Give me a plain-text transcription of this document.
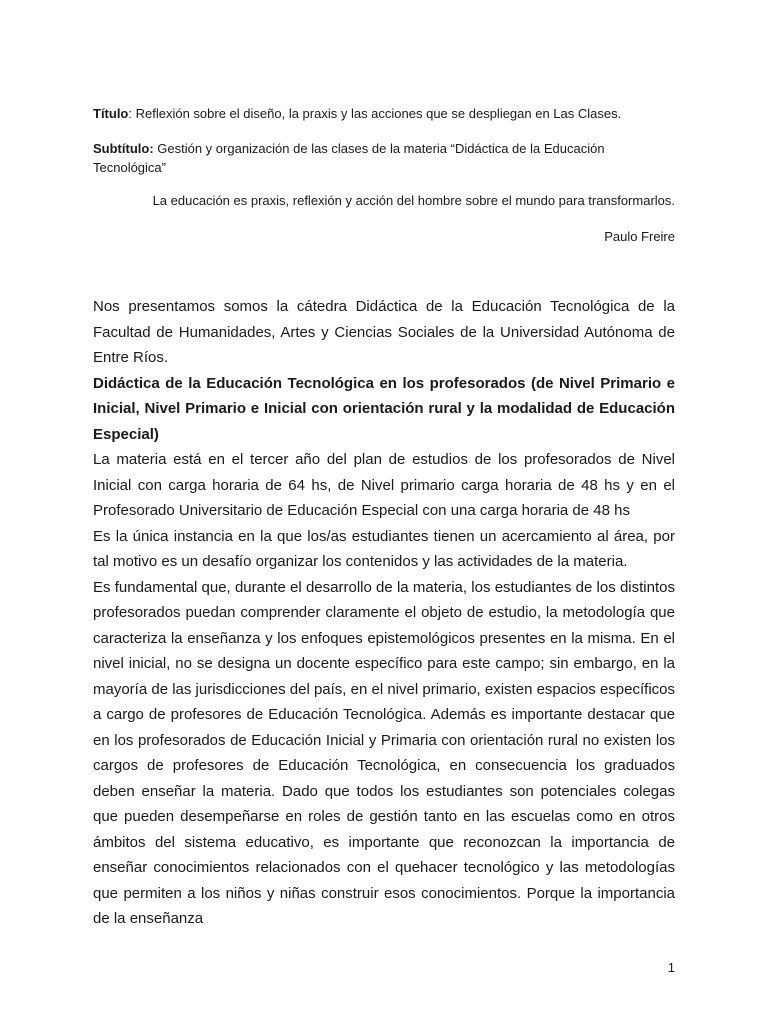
Título: Reflexión sobre el diseño, la praxis y las acciones que se despliegan en Las Clases.
Subtítulo: Gestión y organización de las clases de la materia “Didáctica de la Educación Tecnológica”
La educación es praxis, reflexión y acción del hombre sobre el mundo para transformarlos.
Paulo Freire

Nos presentamos somos la cátedra Didáctica de la Educación Tecnológica de la Facultad de Humanidades, Artes y Ciencias Sociales de la Universidad Autónoma de Entre Ríos.

Didáctica de la Educación Tecnológica en los profesorados (de Nivel Primario e Inicial, Nivel Primario e Inicial con orientación rural y la modalidad de Educación Especial)

La materia está en el tercer año del plan de estudios de los profesorados de Nivel Inicial con carga horaria de 64 hs, de Nivel primario carga horaria de 48 hs y en el Profesorado Universitario de Educación Especial con una carga horaria de 48 hs

Es la única instancia en la que los/as estudiantes tienen un acercamiento al área, por tal motivo es un desafío organizar los contenidos y las actividades de la materia.

Es fundamental que, durante el desarrollo de la materia, los estudiantes de los distintos profesorados puedan comprender claramente el objeto de estudio, la metodología que caracteriza la enseñanza y los enfoques epistemológicos presentes en la misma. En el nivel inicial, no se designa un docente específico para este campo; sin embargo, en la mayoría de las jurisdicciones del país, en el nivel primario, existen espacios específicos a cargo de profesores de Educación Tecnológica. Además es importante destacar que en los profesorados de Educación Inicial y Primaria con orientación rural no existen los cargos de profesores de Educación Tecnológica, en consecuencia los graduados deben enseñar la materia. Dado que todos los estudiantes son potenciales colegas que pueden desempeñarse en roles de gestión tanto en las escuelas como en otros ámbitos del sistema educativo, es importante que reconozcan la importancia de enseñar conocimientos relacionados con el quehacer tecnológico y las metodologías que permiten a los niños y niñas construir esos conocimientos. Porque la importancia de la enseñanza

1
